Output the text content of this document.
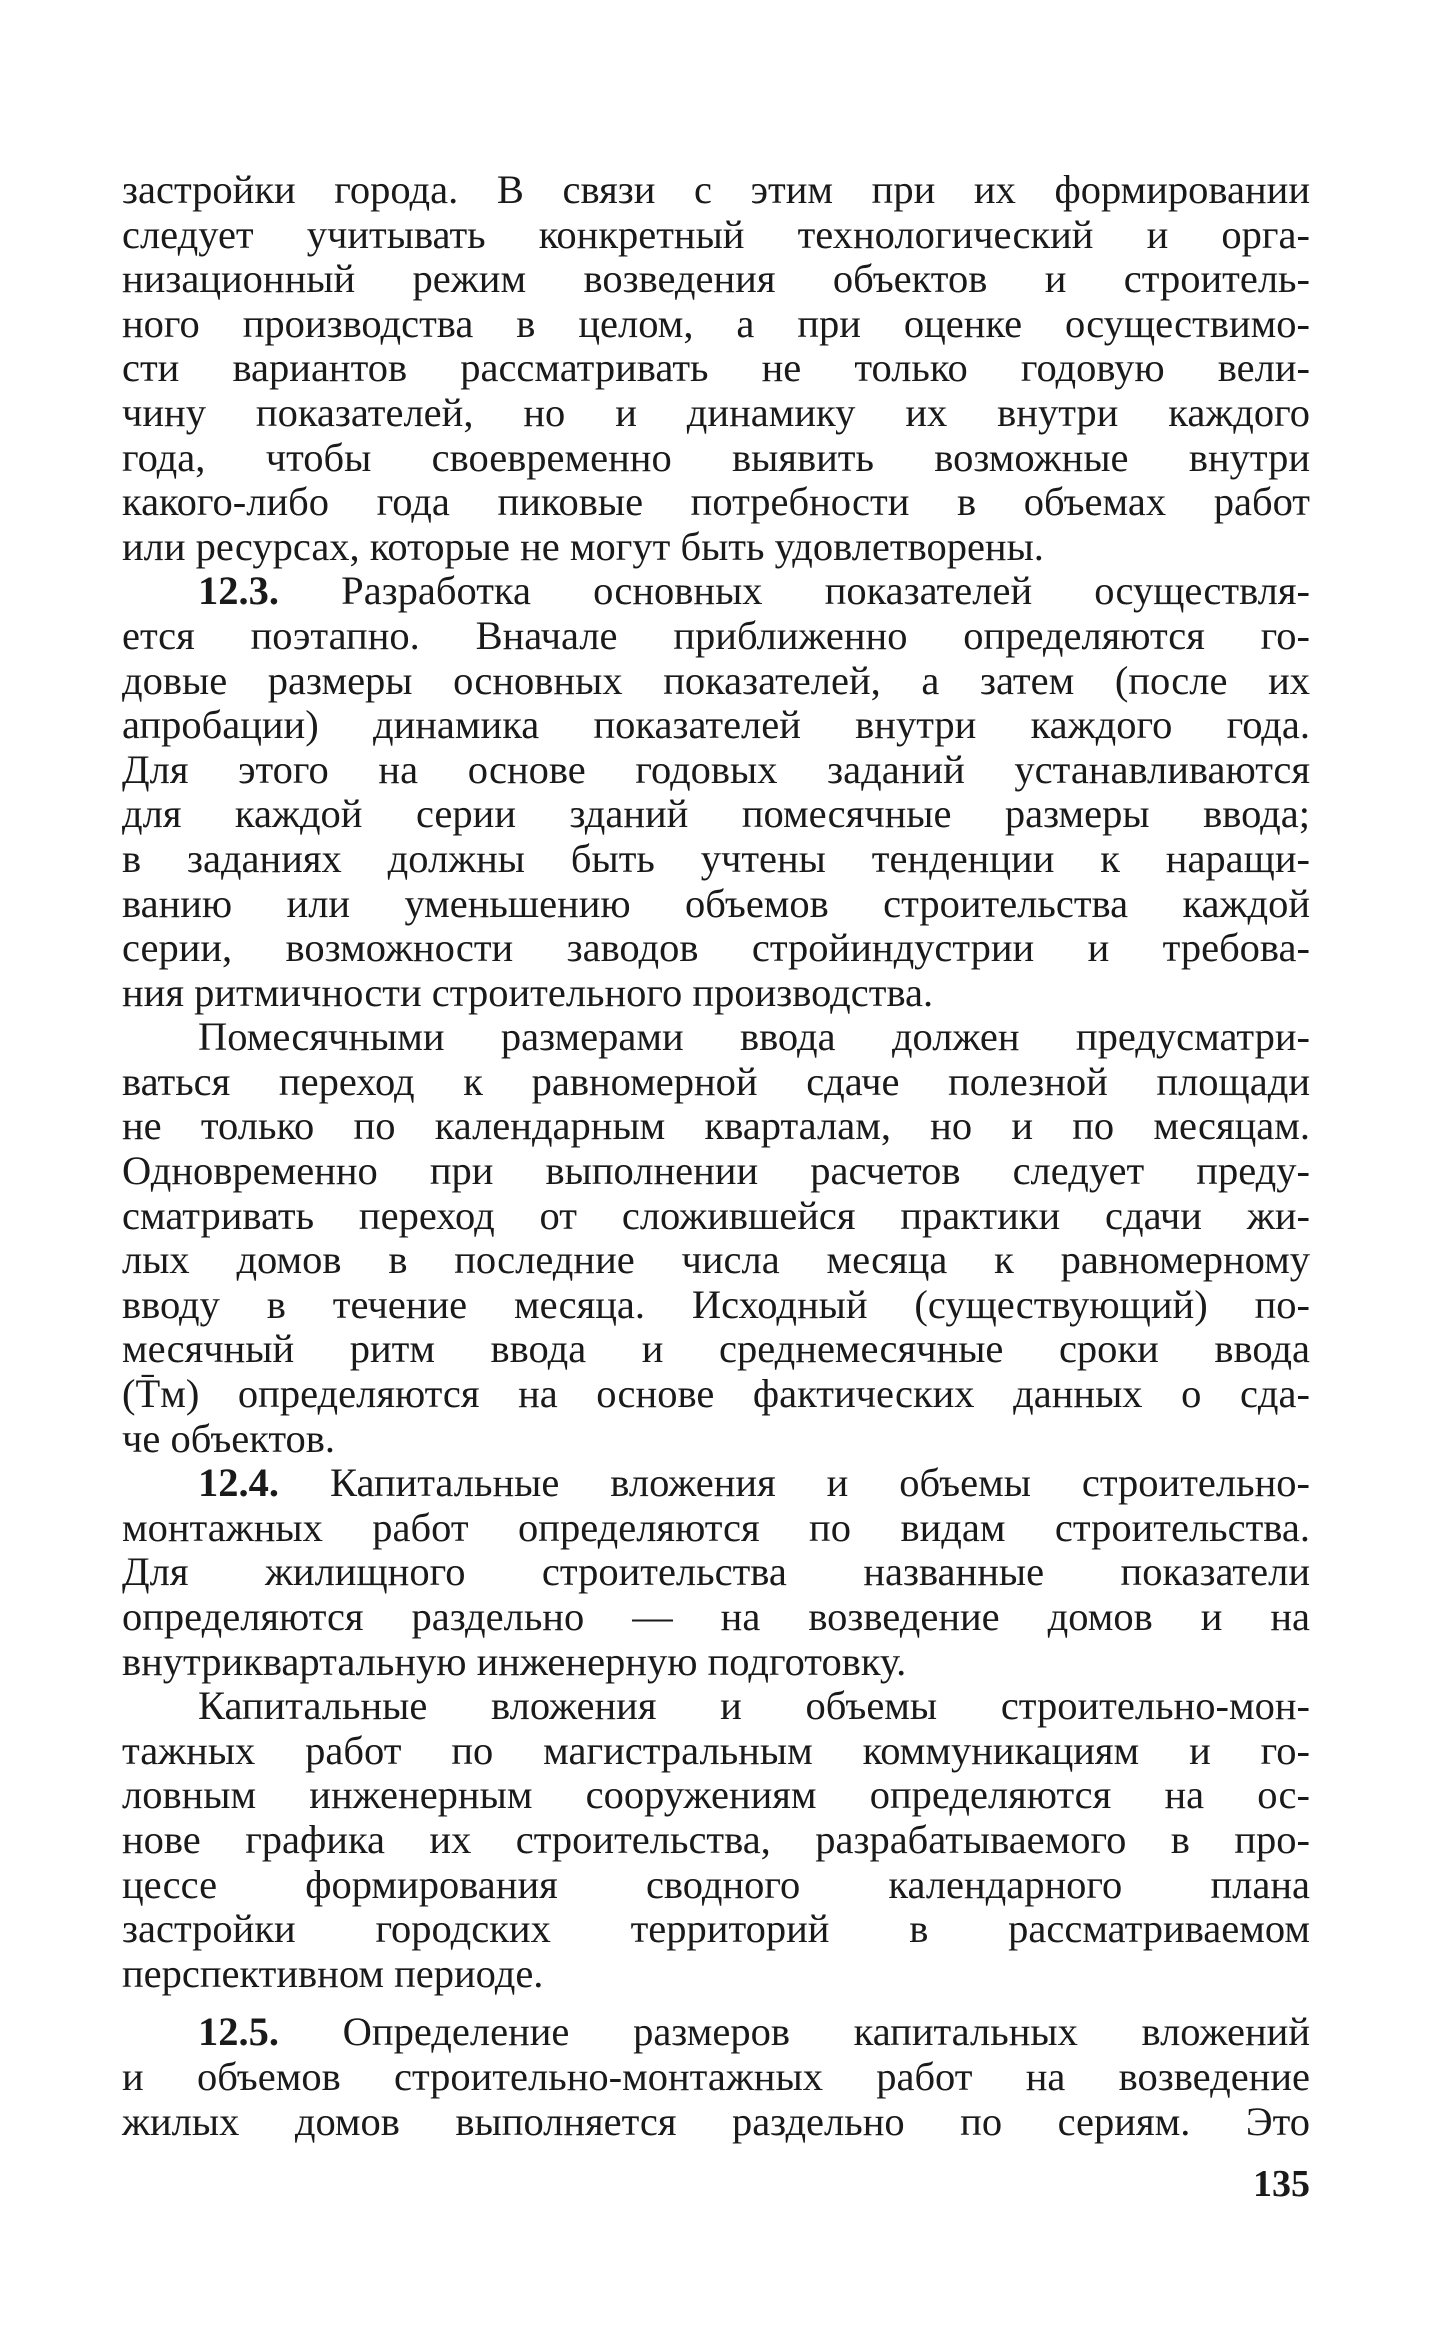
застройки города. В связи с этим при их формировании
следует учитывать конкретный технологический и орга-
низационный режим возведения объектов и строитель-
ного производства в целом, а при оценке осуществимо-
сти вариантов рассматривать не только годовую вели-
чину показателей, но и динамику их внутри каждого
года, чтобы своевременно выявить возможные внутри
какого-либо года пиковые потребности в объемах работ
или ресурсах, которые не могут быть удовлетворены.
12.3. Разработка основных показателей осуществля-
ется поэтапно. Вначале приближенно определяются го-
довые размеры основных показателей, а затем (после их
апробации) динамика показателей внутри каждого года.
Для этого на основе годовых заданий устанавливаются
для каждой серии зданий помесячные размеры ввода;
в заданиях должны быть учтены тенденции к наращи-
ванию или уменьшению объемов строительства каждой
серии, возможности заводов стройиндустрии и требова-
ния ритмичности строительного производства.
Помесячными размерами ввода должен предусматри-
ваться переход к равномерной сдаче полезной площади
не только по календарным кварталам, но и по месяцам.
Одновременно при выполнении расчетов следует преду-
сматривать переход от сложившейся практики сдачи жи-
лых домов в последние числа месяца к равномерному
вводу в течение месяца. Исходный (существующий) по-
месячный ритм ввода и среднемесячные сроки ввода
(T̄м) определяются на основе фактических данных о сда-
че объектов.
12.4. Капитальные вложения и объемы строительно-
монтажных работ определяются по видам строительства.
Для жилищного строительства названные показатели
определяются раздельно — на возведение домов и на
внутриквартальную инженерную подготовку.
Капитальные вложения и объемы строительно-мон-
тажных работ по магистральным коммуникациям и го-
ловным инженерным сооружениям определяются на ос-
нове графика их строительства, разрабатываемого в про-
цессе формирования сводного календарного плана
застройки городских территорий в рассматриваемом
перспективном периоде.
12.5. Определение размеров капитальных вложений
и объемов строительно-монтажных работ на возведение
жилых домов выполняется раздельно по сериям. Это
135
